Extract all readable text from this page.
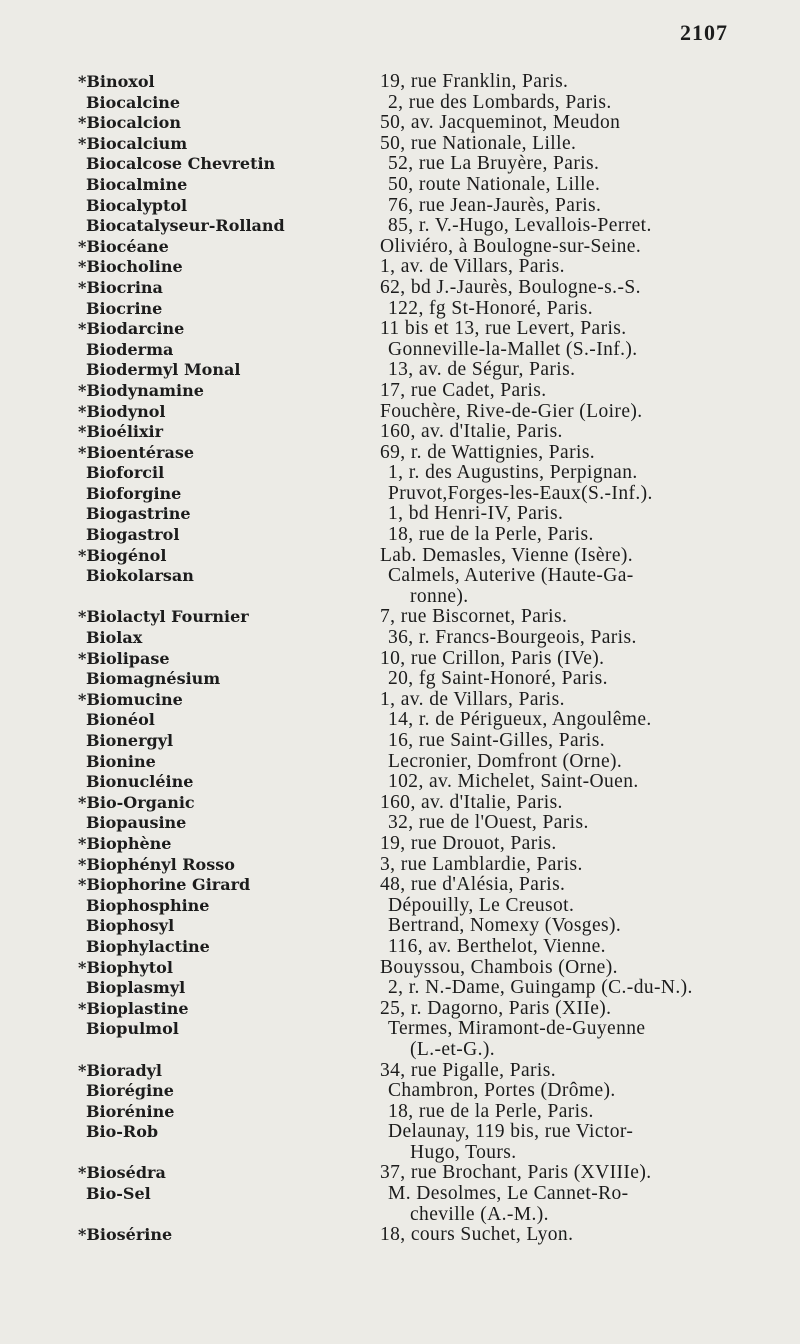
2107
*Binoxol	19, rue Franklin, Paris.
Biocalcine	2, rue des Lombards, Paris.
*Biocalcion	50, av. Jacqueminot, Meudon
*Biocalcium	50, rue Nationale, Lille.
Biocalcose Chevretin	52, rue La Bruyère, Paris.
Biocalmine	50, route Nationale, Lille.
Biocalyptol	76, rue Jean-Jaurès, Paris.
Biocatalyseur-Rolland	85, r. V.-Hugo, Levallois-Perret.
*Biocéane	Oliviéro, à Boulogne-sur-Seine.
*Biocholine	1, av. de Villars, Paris.
*Biocrina	62, bd J.-Jaurès, Boulogne-s.-S.
Biocrine	122, fg St-Honoré, Paris.
*Biodarcine	11 bis et 13, rue Levert, Paris.
Bioderma	Gonneville-la-Mallet (S.-Inf.).
Biodermyl Monal	13, av. de Ségur, Paris.
*Biodynamine	17, rue Cadet, Paris.
*Biodynol	Fouchère, Rive-de-Gier (Loire).
*Bioélixir	160, av. d'Italie, Paris.
*Bioentérase	69, r. de Wattignies, Paris.
Bioforcil	1, r. des Augustins, Perpignan.
Bioforgine	Pruvot,Forges-les-Eaux(S.-Inf.).
Biogastrine	1, bd Henri-IV, Paris.
Biogastrol	18, rue de la Perle, Paris.
*Biogénol	Lab. Demasles, Vienne (Isère).
Biokolarsan	Calmels, Auterive (Haute-Ga-
ronne).
*Biolactyl Fournier	7, rue Biscornet, Paris.
Biolax	36, r. Francs-Bourgeois, Paris.
*Biolipase	10, rue Crillon, Paris (IVe).
Biomagnésium	20, fg Saint-Honoré, Paris.
*Biomucine	1, av. de Villars, Paris.
Bionéol	14, r. de Périgueux, Angoulême.
Bionergyl	16, rue Saint-Gilles, Paris.
Bionine	Lecronier, Domfront (Orne).
Bionucléine	102, av. Michelet, Saint-Ouen.
*Bio-Organic	160, av. d'Italie, Paris.
Biopausine	32, rue de l'Ouest, Paris.
*Biophène	19, rue Drouot, Paris.
*Biophényl Rosso	3, rue Lamblardie, Paris.
*Biophorine Girard	48, rue d'Alésia, Paris.
Biophosphine	Dépouilly, Le Creusot.
Biophosyl	Bertrand, Nomexy (Vosges).
Biophylactine	116, av. Berthelot, Vienne.
*Biophytol	Bouyssou, Chambois (Orne).
Bioplasmyl	2, r. N.-Dame, Guingamp (C.-du-N.).
*Bioplastine	25, r. Dagorno, Paris (XIIe).
Biopulmol	Termes, Miramont-de-Guyenne
(L.-et-G.).
*Bioradyl	34, rue Pigalle, Paris.
Biorégine	Chambron, Portes (Drôme).
Biorénine	18, rue de la Perle, Paris.
Bio-Rob	Delaunay, 119 bis, rue Victor-
Hugo, Tours.
*Biosédra	37, rue Brochant, Paris (XVIIIe).
Bio-Sel	M. Desolmes, Le Cannet-Ro-
cheville (A.-M.).
*Biosérine	18, cours Suchet, Lyon.
